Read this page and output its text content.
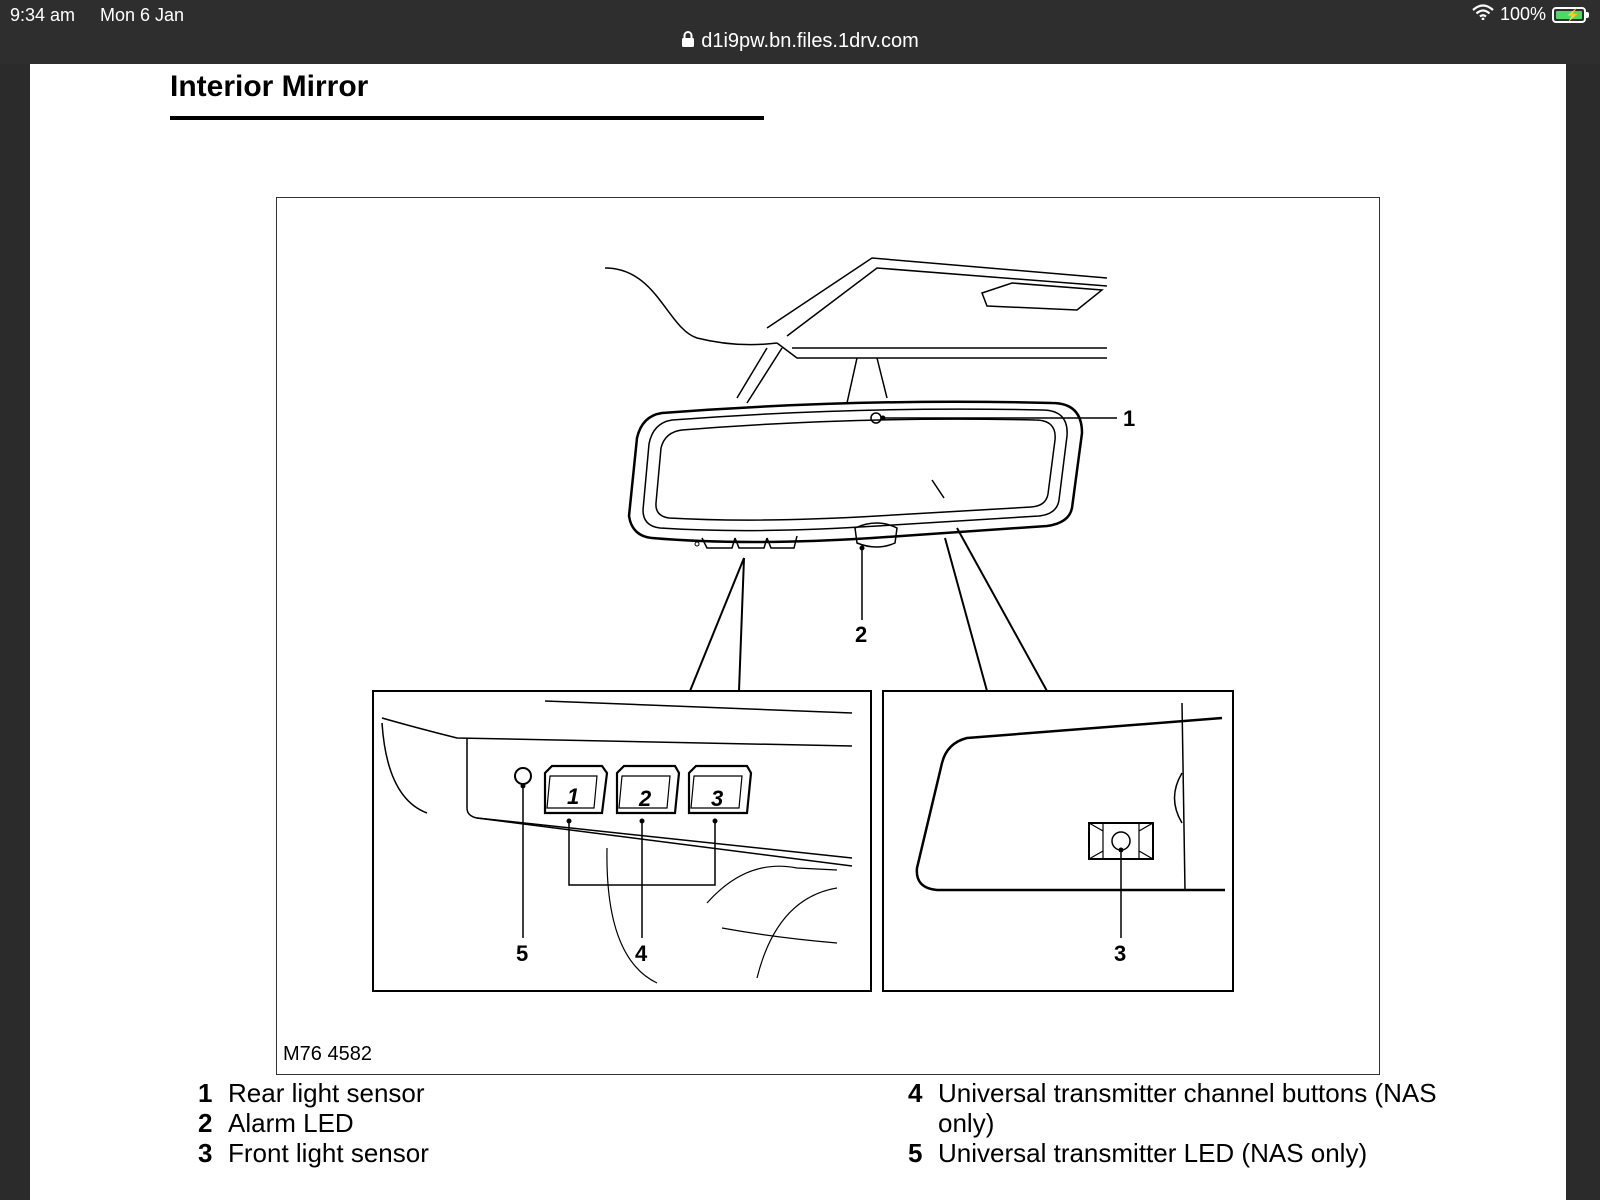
9:34 am Mon 6 Jan
d1i9pw.bn.files.1drv.com
100% ⚡
Interior Mirror
1
2
1	2	3
5	4	3
M76 4582
1 Rear light sensor
2 Alarm LED
3 Front light sensor
4 Universal transmitter channel buttons (NAS
only)
5 Universal transmitter LED (NAS only)
